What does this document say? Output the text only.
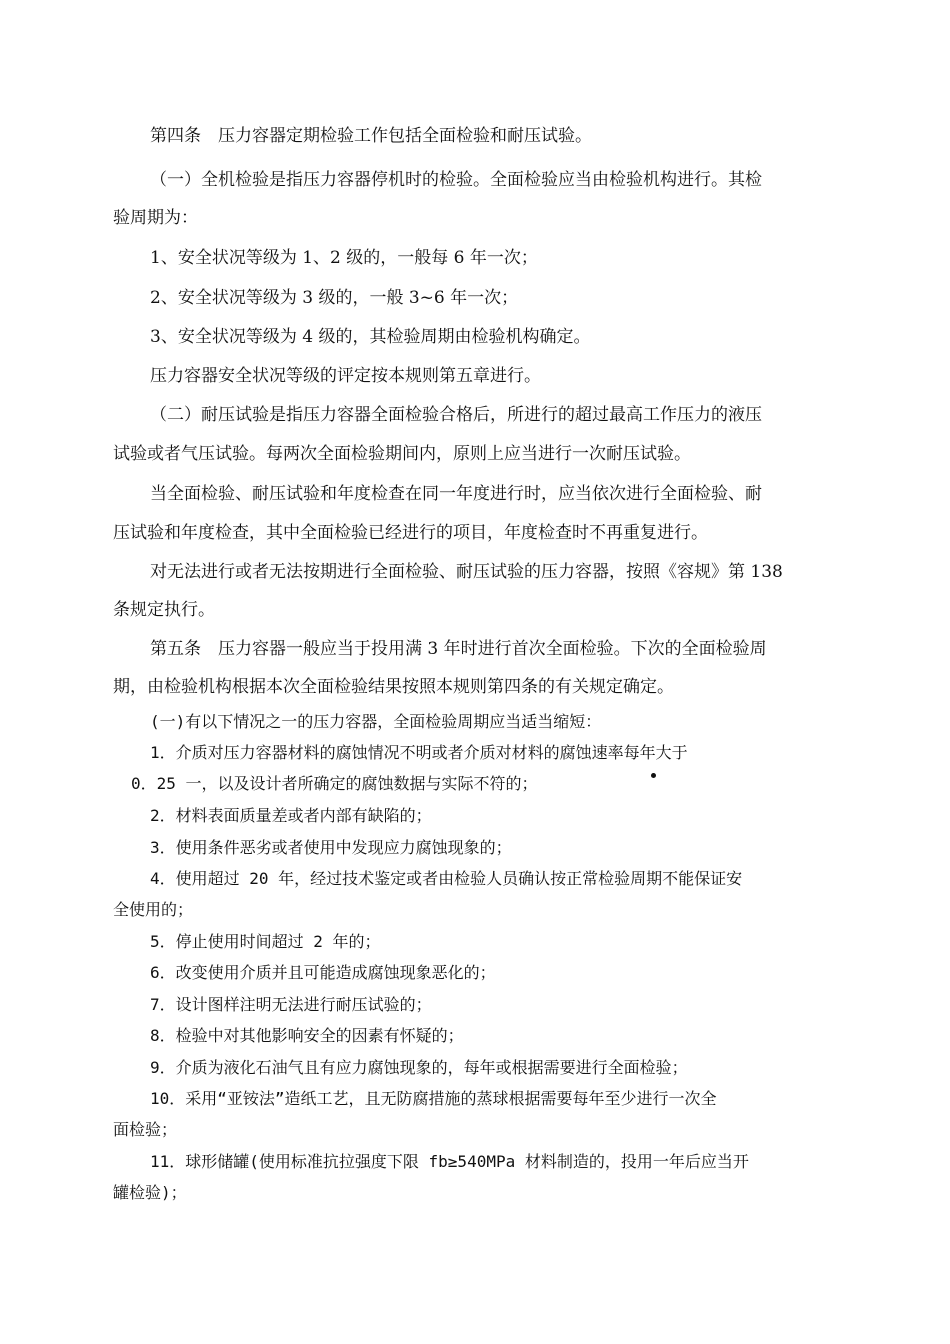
第四条　压力容器定期检验工作包括全面检验和耐压试验。
（一）全机检验是指压力容器停机时的检验。全面检验应当由检验机构进行。其检
验周期为：
1、安全状况等级为 1、2 级的，一般每 6 年一次；
2、安全状况等级为 3 级的，一般 3~6 年一次；
3、安全状况等级为 4 级的，其检验周期由检验机构确定。
压力容器安全状况等级的评定按本规则第五章进行。
（二）耐压试验是指压力容器全面检验合格后，所进行的超过最高工作压力的液压
试验或者气压试验。每两次全面检验期间内，原则上应当进行一次耐压试验。
当全面检验、耐压试验和年度检查在同一年度进行时，应当依次进行全面检验、耐
压试验和年度检查，其中全面检验已经进行的项目，年度检查时不再重复进行。
对无法进行或者无法按期进行全面检验、耐压试验的压力容器，按照《容规》第 138
条规定执行。
第五条　压力容器一般应当于投用满 3 年时进行首次全面检验。下次的全面检验周
期，由检验机构根据本次全面检验结果按照本规则第四条的有关规定确定。
(一)有以下情况之一的压力容器，全面检验周期应当适当缩短：
1．介质对压力容器材料的腐蚀情况不明或者介质对材料的腐蚀速率每年大于
0．25 一，以及设计者所确定的腐蚀数据与实际不符的；
2．材料表面质量差或者内部有缺陷的；
3．使用条件恶劣或者使用中发现应力腐蚀现象的；
4．使用超过 20 年，经过技术鉴定或者由检验人员确认按正常检验周期不能保证安
全使用的；
5．停止使用时间超过 2 年的；
6．改变使用介质并且可能造成腐蚀现象恶化的；
7．设计图样注明无法进行耐压试验的；
8．检验中对其他影响安全的因素有怀疑的；
9．介质为液化石油气且有应力腐蚀现象的，每年或根据需要进行全面检验；
10．采用“亚铵法”造纸工艺，且无防腐措施的蒸球根据需要每年至少进行一次全
面检验；
11．球形储罐(使用标准抗拉强度下限 fb≥540MPa 材料制造的，投用一年后应当开
罐检验)；
